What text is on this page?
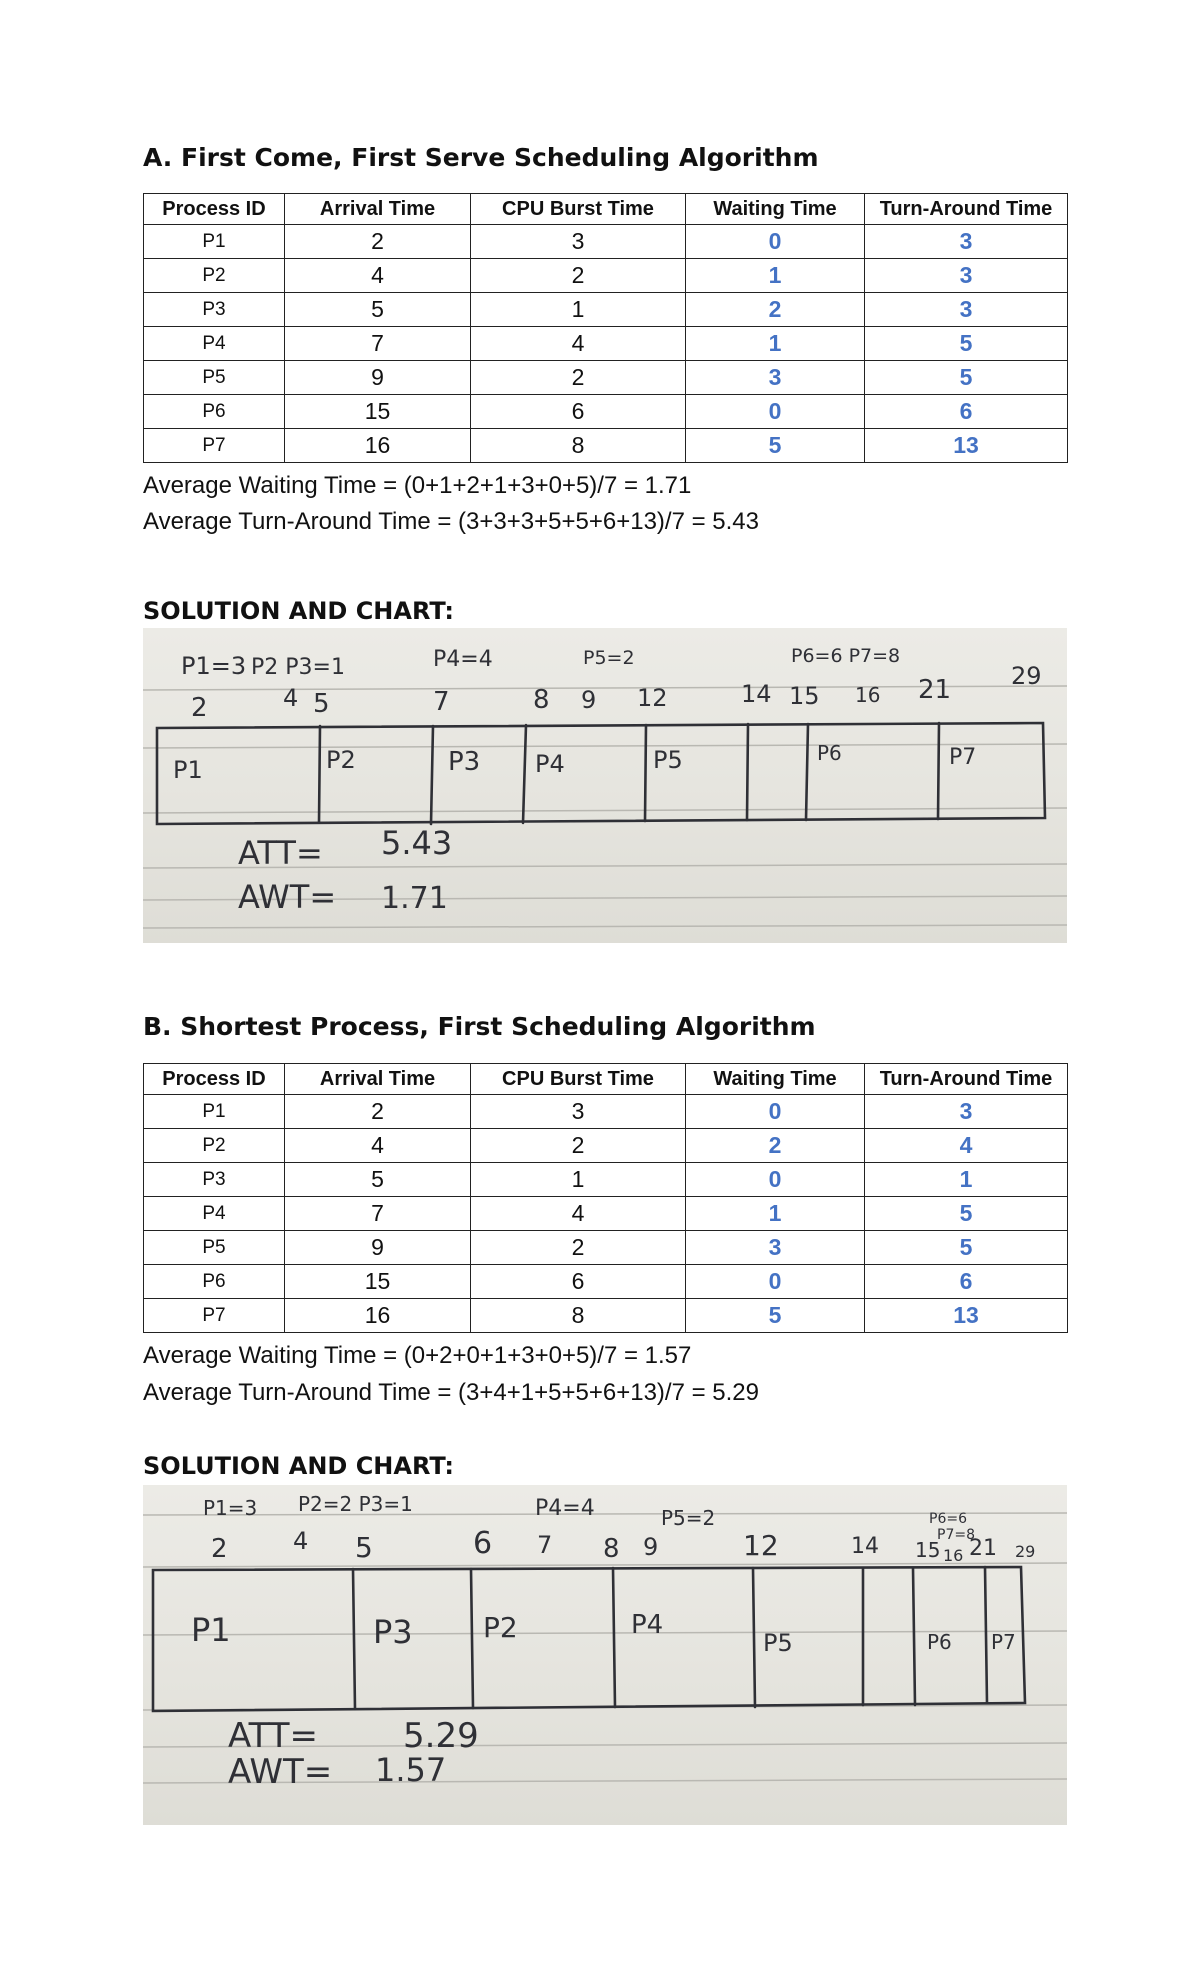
A. First Come, First Serve Scheduling Algorithm
Process ID	Arrival Time	CPU Burst Time	Waiting Time	Turn-Around Time
P1	2	3	0	3
P2	4	2	1	3
P3	5	1	2	3
P4	7	4	1	5
P5	9	2	3	5
P6	15	6	0	6
P7	16	8	5	13
Average Waiting Time = (0+1+2+1+3+0+5)/7 = 1.71
Average Turn-Around Time = (3+3+3+5+5+6+13)/7 = 5.43
SOLUTION AND CHART:
P1=3 P2 P3=1	P4=4	P5=2	P6=6 P7=8
2	4 5	7	8 9 12	14 15 16 21 29
P1	P2	P3 P4	P5	P6	P7
ATT= 5.43
AWT= 1.71
B. Shortest Process, First Scheduling Algorithm
Process ID	Arrival Time	CPU Burst Time	Waiting Time	Turn-Around Time
P1	2	3	0	3
P2	4	2	2	4
P3	5	1	0	1
P4	7	4	1	5
P5	9	2	3	5
P6	15	6	0	6
P7	16	8	5	13
Average Waiting Time = (0+2+0+1+3+0+5)/7 = 1.57
Average Turn-Around Time = (3+4+1+5+5+6+13)/7 = 5.29
SOLUTION AND CHART:
P1=3 P2=2 P3=1	P4=4	P5=2	P6=6
P7=8
2	4 5	6 7 8 9	12	14 15 16 21 29
P1	P3	P2	P4
P5	P6 P7
ATT= 5.29
AWT= 1.57
